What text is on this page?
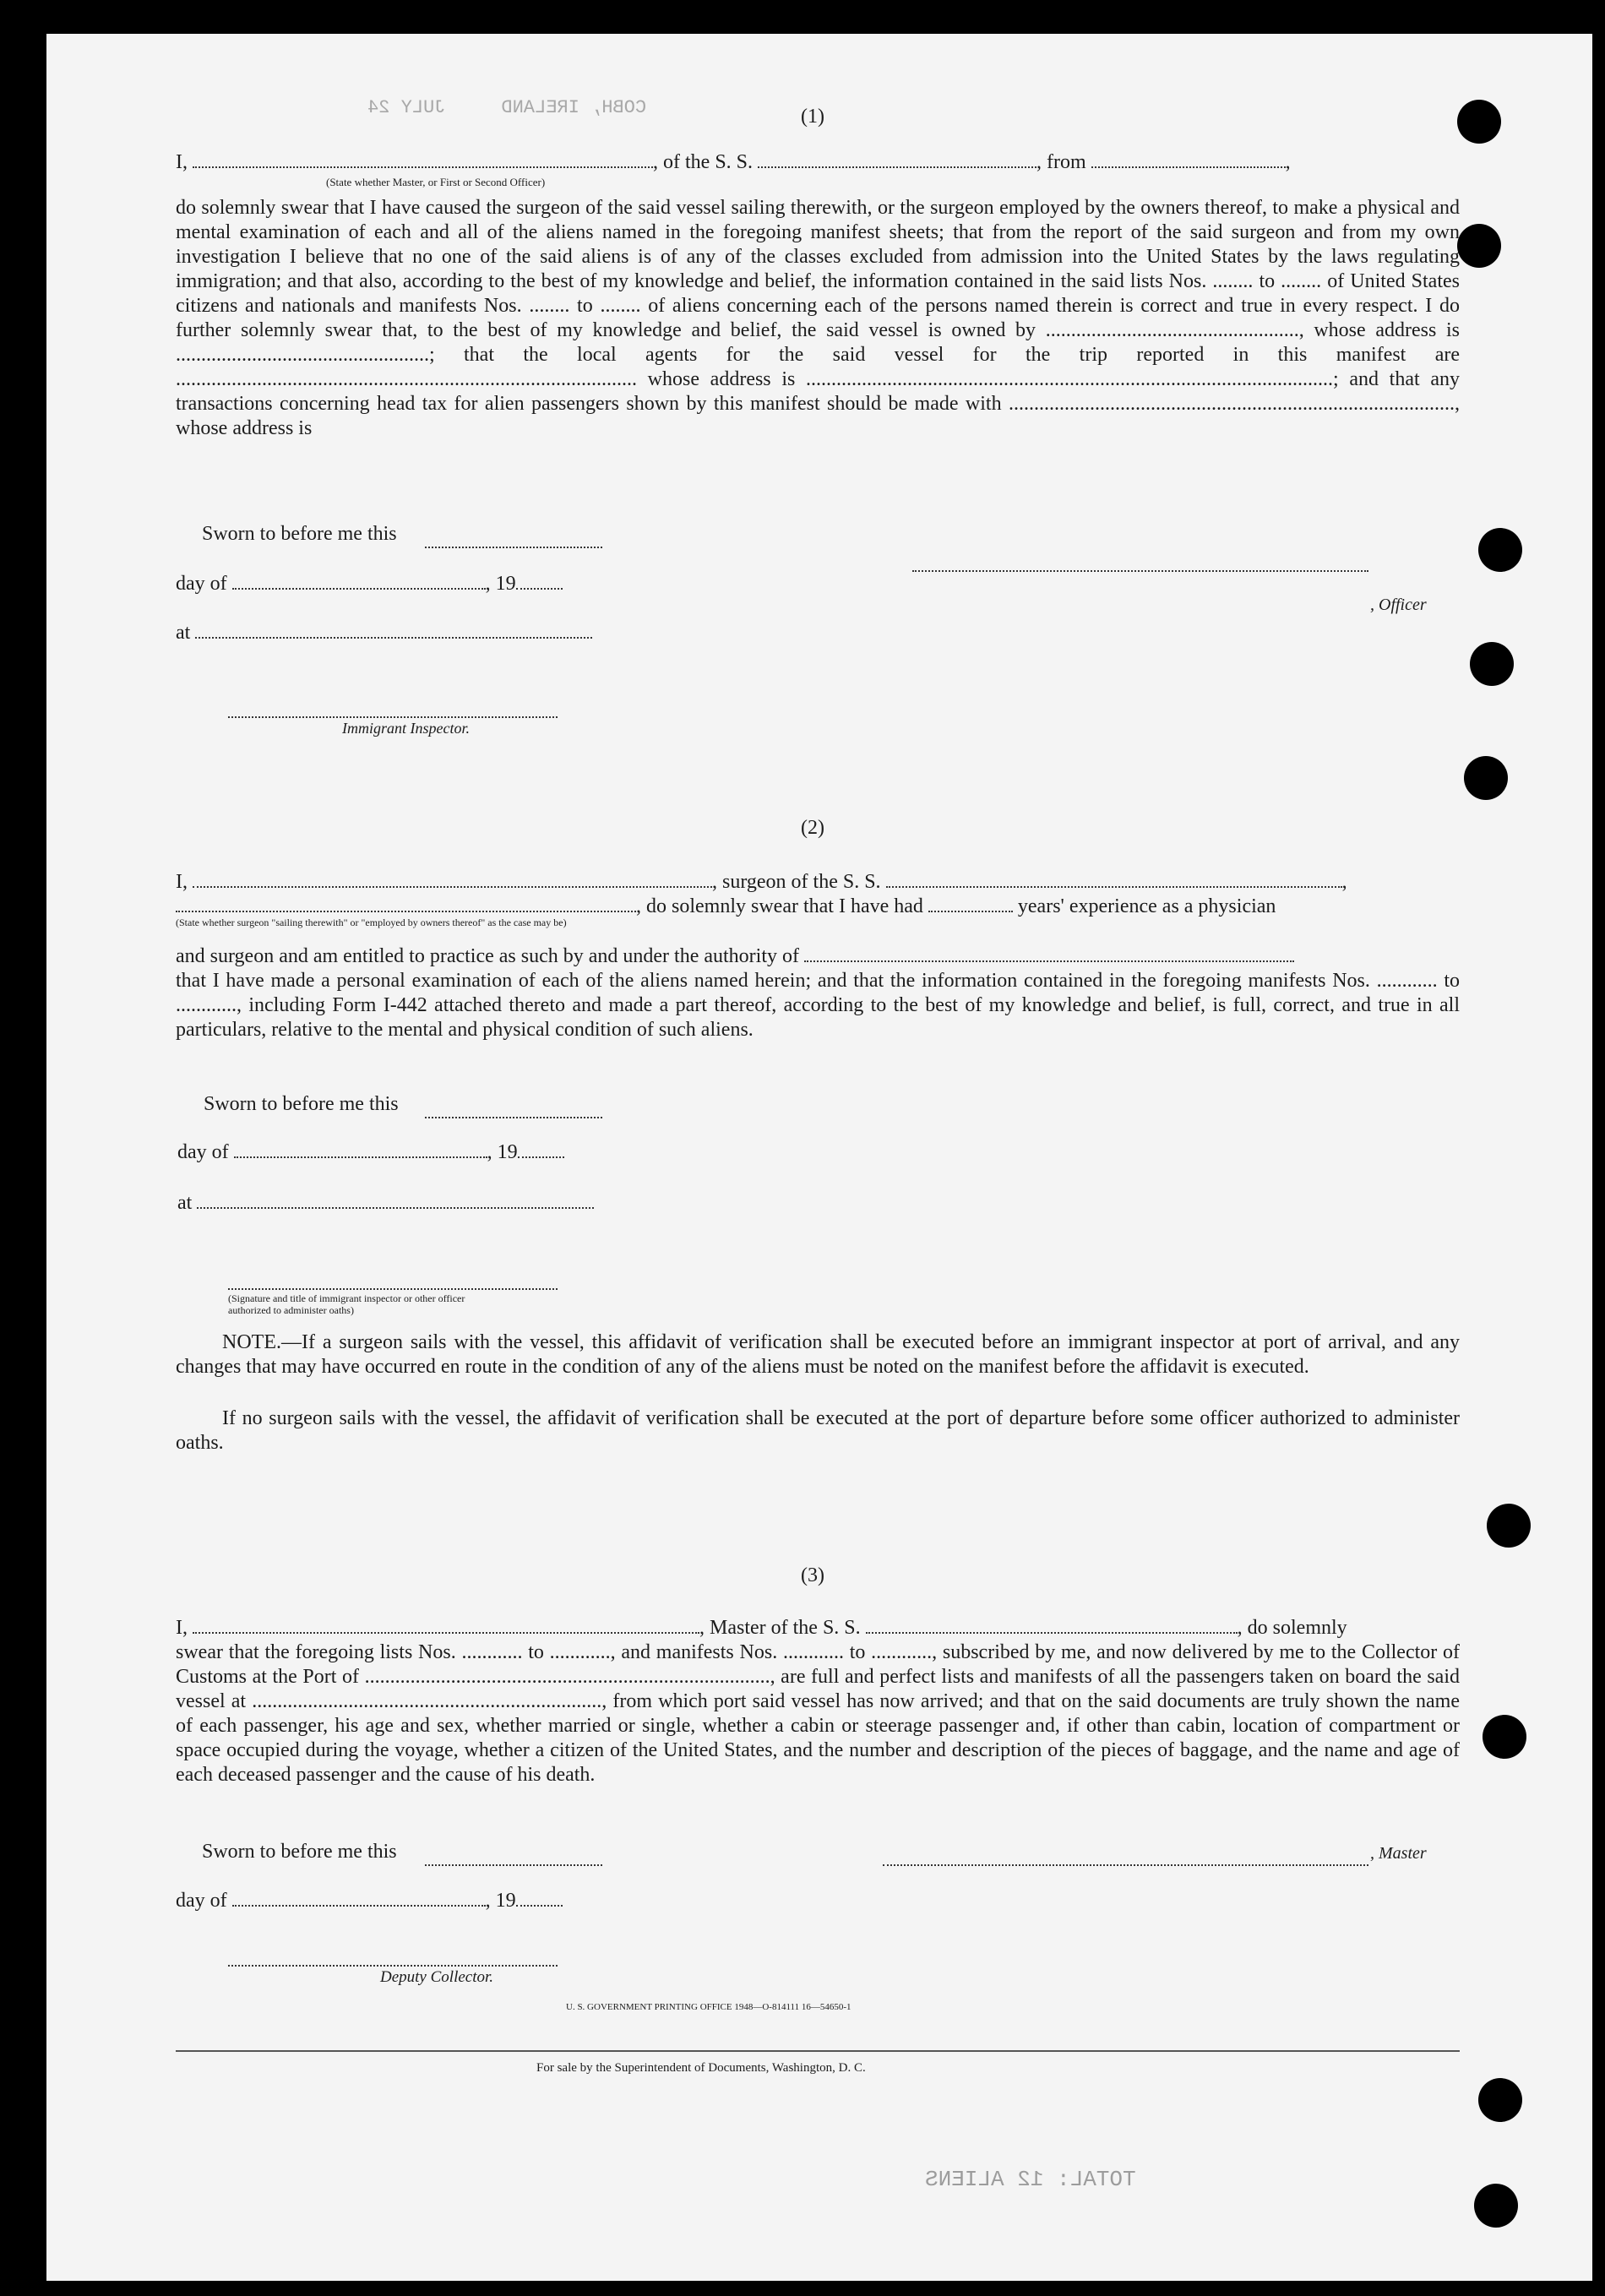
COBH, IRELAND     JULY 24
TOTAL: 12 ALIENS
(1)
I,	, of the S. S.	, from	,
(State whether Master, or First or Second Officer)
do solemnly swear that I have caused the surgeon of the said vessel sailing therewith, or the surgeon employed by the owners thereof, to make a physical and mental examination of each and all of the aliens named in the foregoing manifest sheets; that from the report of the said surgeon and from my own investigation I believe that no one of the said aliens is of any of the classes excluded from admission into the United States by the laws regulating immigration; and that also, according to the best of my knowledge and belief, the information contained in the said lists Nos. ........ to ........ of United States citizens and nationals and manifests Nos. ........ to ........ of aliens concerning each of the persons named therein is correct and true in every respect. I do further solemnly swear that, to the best of my knowledge and belief, the said vessel is owned by .................................................., whose address is ..................................................; that the local agents for the said vessel for the trip reported in this manifest are ........................................................................................... whose address is ........................................................................................................; and that any transactions concerning head tax for alien passengers shown by this manifest should be made with ........................................................................................, whose address is
Sworn to before me this
day of	, 19
, Officer
at
Immigrant Inspector.
(2)
I,	, surgeon of the S. S.	,
, do solemnly swear that I have had	years' experience as a physician
(State whether surgeon "sailing therewith" or "employed by owners thereof" as the case may be)
and surgeon and am entitled to practice as such by and under the authority of
that I have made a personal examination of each of the aliens named herein; and that the information contained in the foregoing manifests Nos. ............ to ............, including Form I-442 attached thereto and made a part thereof, according to the best of my knowledge and belief, is full, correct, and true in all particulars, relative to the mental and physical condition of such aliens.
Sworn to before me this
day of	, 19
at
(Signature and title of immigrant inspector or other officer authorized to administer oaths)
NOTE.—If a surgeon sails with the vessel, this affidavit of verification shall be executed before an immigrant inspector at port of arrival, and any changes that may have occurred en route in the condition of any of the aliens must be noted on the manifest before the affidavit is executed.
If no surgeon sails with the vessel, the affidavit of verification shall be executed at the port of departure before some officer authorized to administer oaths.
(3)
I,	, Master of the S. S.	, do solemnly
swear that the foregoing lists Nos. ............ to ............, and manifests Nos. ............ to ............, subscribed by me, and now delivered by me to the Collector of Customs at the Port of ................................................................................, are full and perfect lists and manifests of all the passengers taken on board the said vessel at ....................................................................., from which port said vessel has now arrived; and that on the said documents are truly shown the name of each passenger, his age and sex, whether married or single, whether a cabin or steerage passenger and, if other than cabin, location of compartment or space occupied during the voyage, whether a citizen of the United States, and the number and description of the pieces of baggage, and the name and age of each deceased passenger and the cause of his death.
Sworn to before me this	, Master
day of	, 19
Deputy Collector.
U. S. GOVERNMENT PRINTING OFFICE 1948—O-814111 16—54650-1
For sale by the Superintendent of Documents, Washington, D. C.
